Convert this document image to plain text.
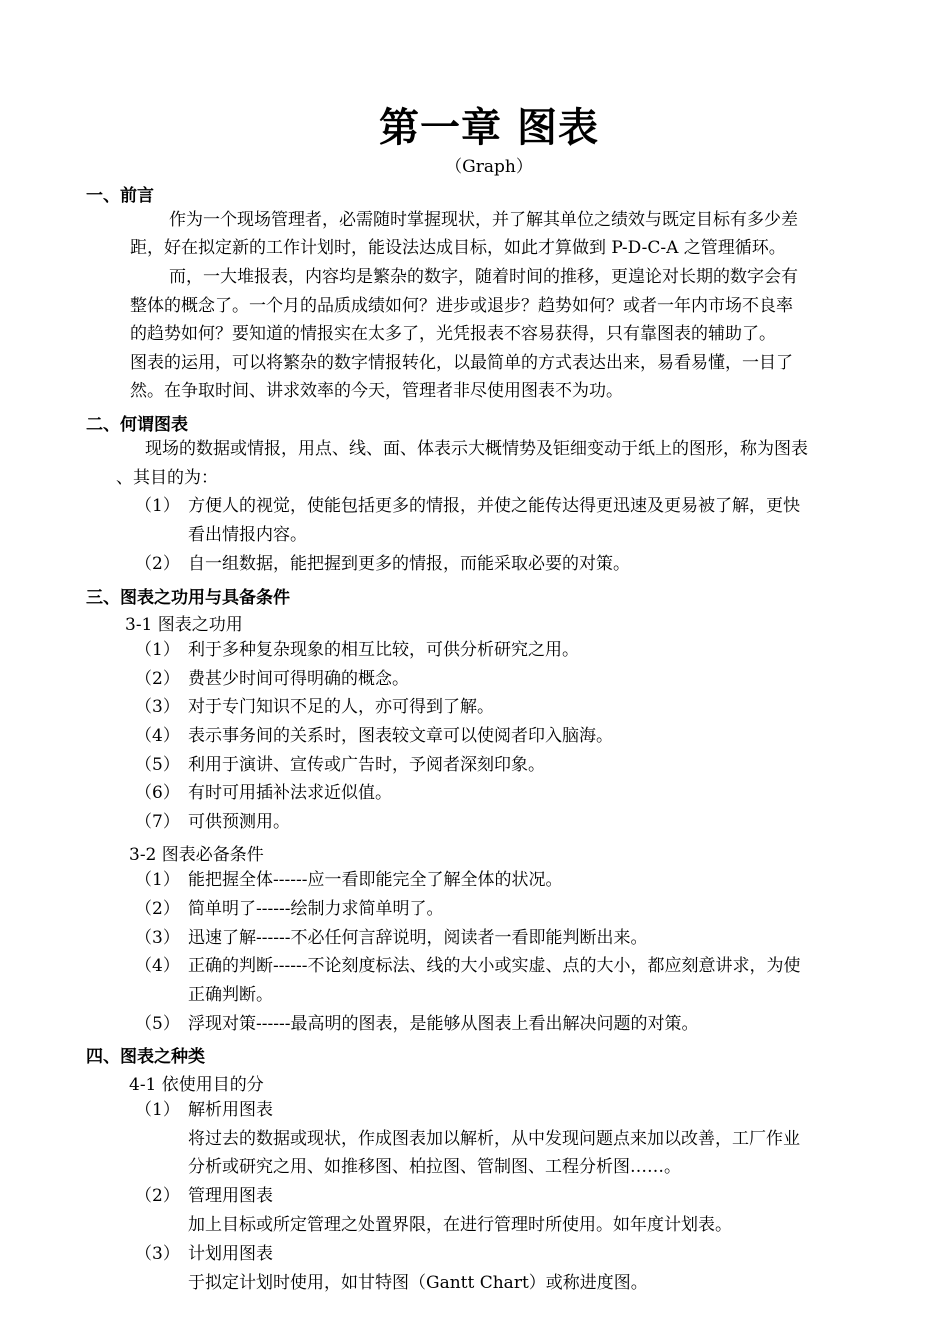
第一章 图表
（Graph）
一、前言
作为一个现场管理者，必需随时掌握现状，并了解其单位之绩效与既定目标有多少差
距，好在拟定新的工作计划时，能设法达成目标，如此才算做到 P-D-C-A 之管理循环。
而，一大堆报表，内容均是繁杂的数字，随着时间的推移，更遑论对长期的数字会有
整体的概念了。一个月的品质成绩如何？进步或退步？趋势如何？或者一年内市场不良率
的趋势如何？要知道的情报实在太多了，光凭报表不容易获得，只有靠图表的辅助了。
图表的运用，可以将繁杂的数字情报转化，以最简单的方式表达出来，易看易懂，一目了
然。在争取时间、讲求效率的今天，管理者非尽使用图表不为功。
二、何谓图表
现场的数据或情报，用点、线、面、体表示大概情势及钜细变动于纸上的图形，称为图表
、其目的为：
（1） 方便人的视觉，使能包括更多的情报，并使之能传达得更迅速及更易被了解，更快
看出情报内容。
（2） 自一组数据，能把握到更多的情报，而能采取必要的对策。
三、图表之功用与具备条件
3-1 图表之功用
（1） 利于多种复杂现象的相互比较，可供分析研究之用。
（2） 费甚少时间可得明确的概念。
（3） 对于专门知识不足的人，亦可得到了解。
（4） 表示事务间的关系时，图表较文章可以使阅者印入脑海。
（5） 利用于演讲、宣传或广告时，予阅者深刻印象。
（6） 有时可用插补法求近似值。
（7） 可供预测用。
3-2 图表必备条件
（1） 能把握全体------应一看即能完全了解全体的状况。
（2） 简单明了------绘制力求简单明了。
（3） 迅速了解------不必任何言辞说明，阅读者一看即能判断出来。
（4） 正确的判断------不论刻度标法、线的大小或实虚、点的大小，都应刻意讲求，为使
正确判断。
（5） 浮现对策------最高明的图表，是能够从图表上看出解决问题的对策。
四、图表之种类
4-1 依使用目的分
（1） 解析用图表
将过去的数据或现状，作成图表加以解析，从中发现问题点来加以改善，工厂作业
分析或研究之用、如推移图、柏拉图、管制图、工程分析图……。
（2） 管理用图表
加上目标或所定管理之处置界限，在进行管理时所使用。如年度计划表。
（3） 计划用图表
于拟定计划时使用，如甘特图（Gantt Chart）或称进度图。
